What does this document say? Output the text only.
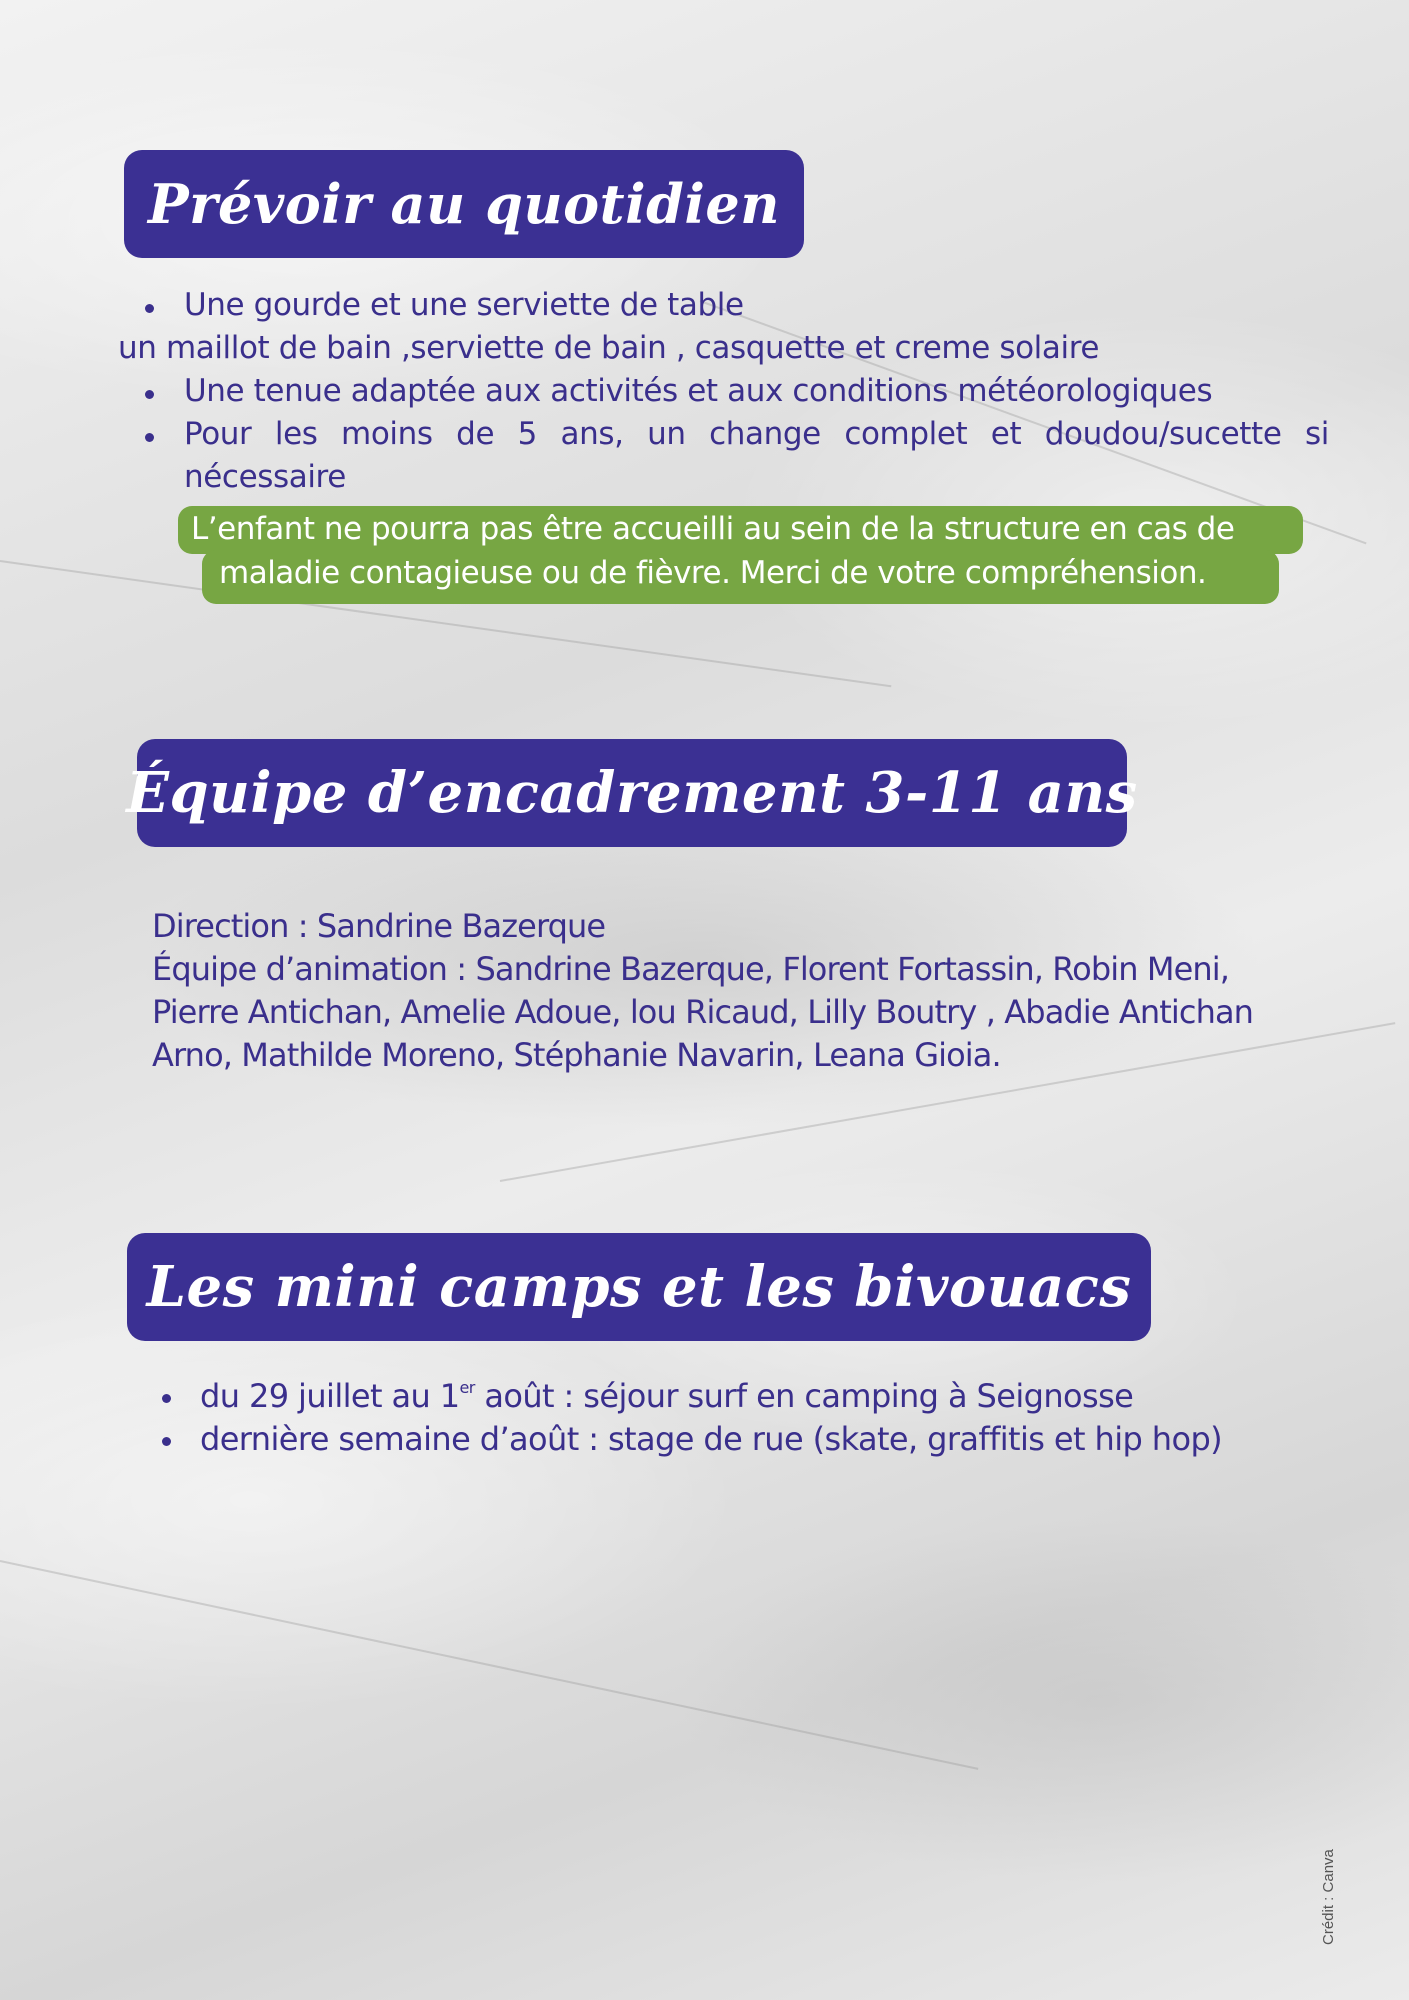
Prévoir au quotidien
Une gourde et une serviette de table
un maillot de bain ,serviette de bain , casquette et creme solaire
Une tenue adaptée aux activités et aux conditions météorologiques
Pour les moins de 5 ans, un change complet et doudou/sucette si
nécessaire
L’enfant ne pourra pas être accueilli au sein de la structure en cas de
maladie contagieuse ou de fièvre. Merci de votre compréhension.
Équipe d’encadrement 3-11 ans
Direction : Sandrine Bazerque
Équipe d’animation : Sandrine Bazerque, Florent Fortassin, Robin Meni,
Pierre Antichan, Amelie Adoue, lou Ricaud, Lilly Boutry , Abadie Antichan
Arno, Mathilde Moreno, Stéphanie Navarin, Leana Gioia.
Les mini camps et les bivouacs
du 29 juillet au 1er août : séjour surf en camping à Seignosse
dernière semaine d’août : stage de rue (skate, graffitis et hip hop)
Crédit : Canva
